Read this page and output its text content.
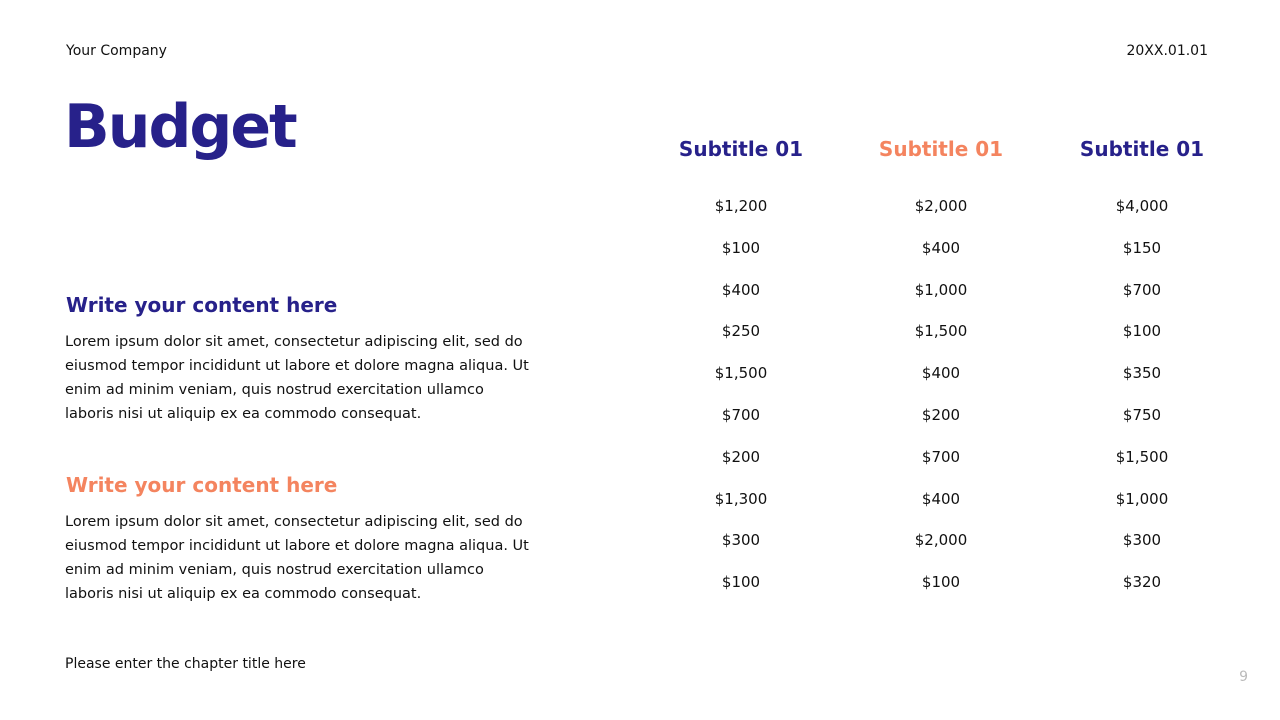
Your Company	20XX.01.01
Budget
Write your content here
Lorem ipsum dolor sit amet, consectetur adipiscing elit, sed do eiusmod tempor incididunt ut labore et dolore magna aliqua. Ut enim ad minim veniam, quis nostrud exercitation ullamco laboris nisi ut aliquip ex ea commodo consequat.
Write your content here
Lorem ipsum dolor sit amet, consectetur adipiscing elit, sed do eiusmod tempor incididunt ut labore et dolore magna aliqua. Ut enim ad minim veniam, quis nostrud exercitation ullamco laboris nisi ut aliquip ex ea commodo consequat.
Subtitle 01
$1,200
$100
$400
$250
$1,500
$700
$200
$1,300
$300
$100
Subtitle 01
$2,000
$400
$1,000
$1,500
$400
$200
$700
$400
$2,000
$100
Subtitle 01
$4,000
$150
$700
$100
$350
$750
$1,500
$1,000
$300
$320
Please enter the chapter title here
9
